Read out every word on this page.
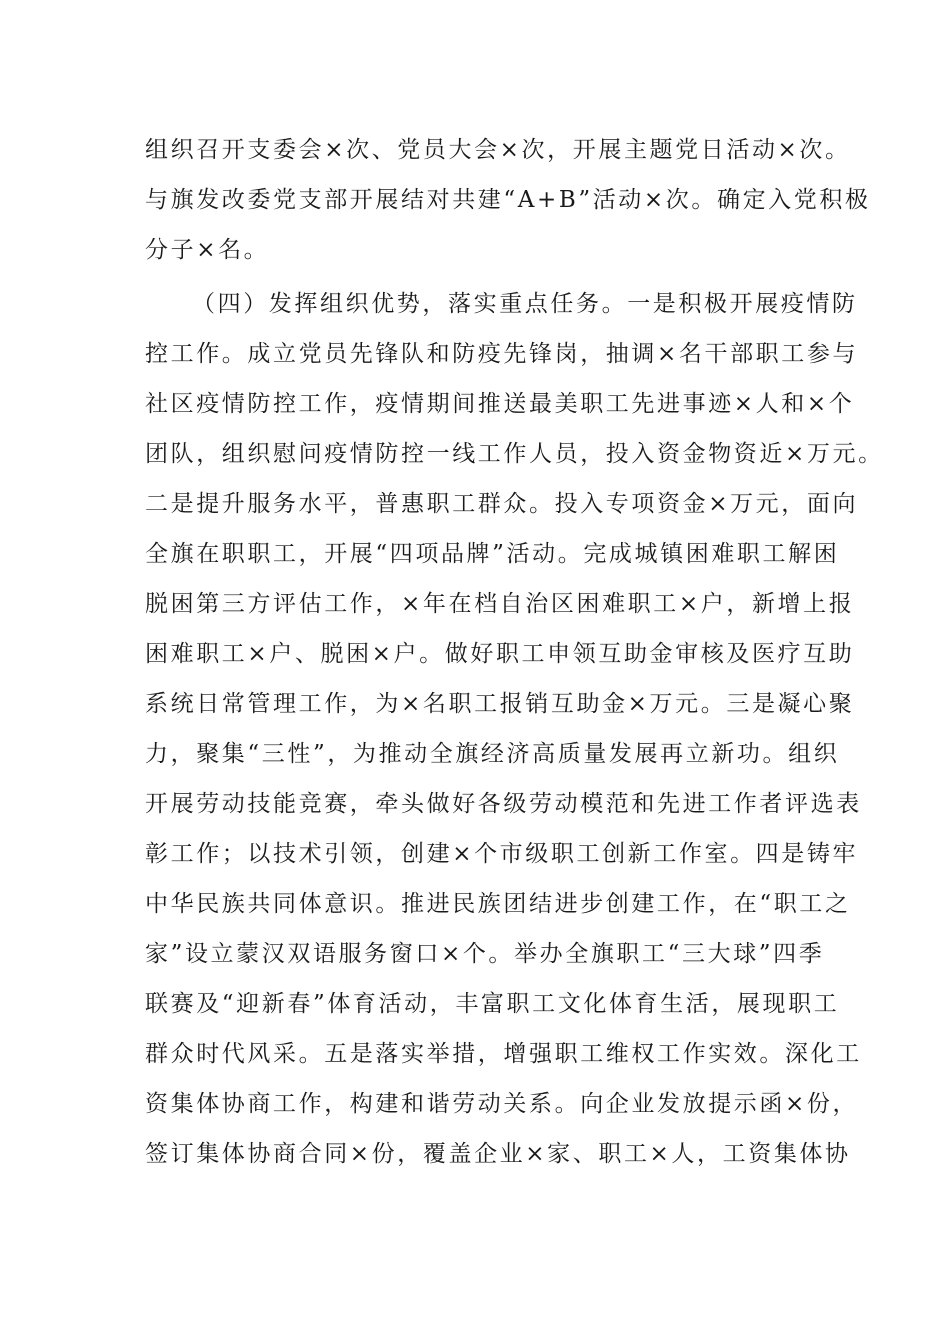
组织召开支委会×次、党员大会×次，开展主题党日活动×次。
与旗发改委党支部开展结对共建“A+B”活动×次。确定入党积极
分子×名。
（四）发挥组织优势，落实重点任务。一是积极开展疫情防
控工作。成立党员先锋队和防疫先锋岗，抽调×名干部职工参与
社区疫情防控工作，疫情期间推送最美职工先进事迹×人和×个
团队，组织慰问疫情防控一线工作人员，投入资金物资近×万元。
二是提升服务水平，普惠职工群众。投入专项资金×万元，面向
全旗在职职工，开展“四项品牌”活动。完成城镇困难职工解困
脱困第三方评估工作，×年在档自治区困难职工×户，新增上报
困难职工×户、脱困×户。做好职工申领互助金审核及医疗互助
系统日常管理工作，为×名职工报销互助金×万元。三是凝心聚
力，聚集“三性”，为推动全旗经济高质量发展再立新功。组织
开展劳动技能竞赛，牵头做好各级劳动模范和先进工作者评选表
彰工作；以技术引领，创建×个市级职工创新工作室。四是铸牢
中华民族共同体意识。推进民族团结进步创建工作，在“职工之
家”设立蒙汉双语服务窗口×个。举办全旗职工“三大球”四季
联赛及“迎新春”体育活动，丰富职工文化体育生活，展现职工
群众时代风采。五是落实举措，增强职工维权工作实效。深化工
资集体协商工作，构建和谐劳动关系。向企业发放提示函×份，
签订集体协商合同×份，覆盖企业×家、职工×人，工资集体协
